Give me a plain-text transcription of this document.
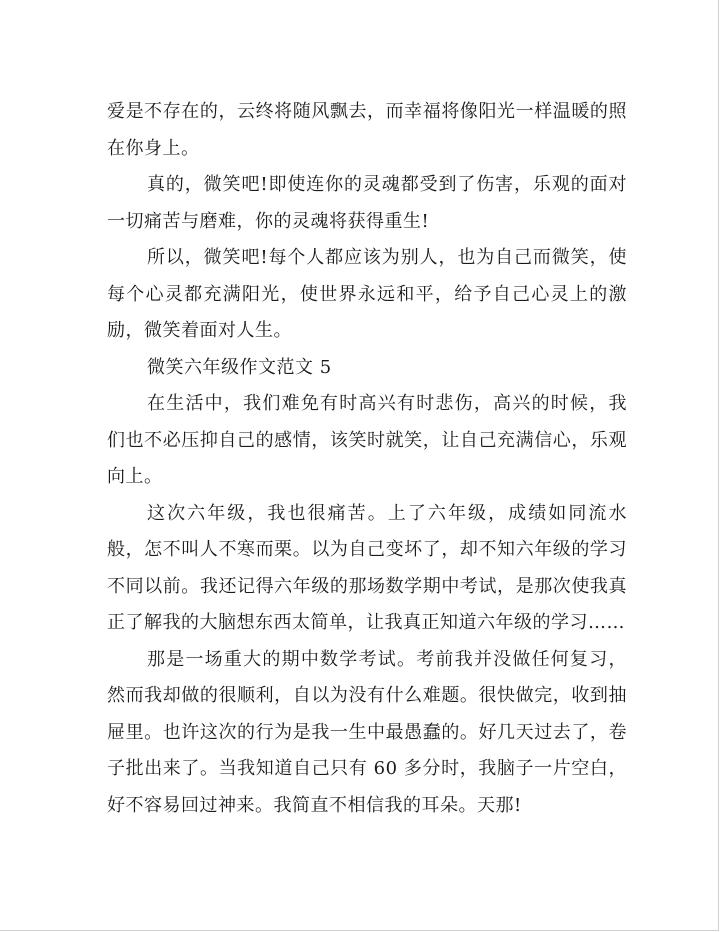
爱是不存在的，云终将随风飘去，而幸福将像阳光一样温暖的照在你身上。

真的，微笑吧!即使连你的灵魂都受到了伤害，乐观的面对一切痛苦与磨难，你的灵魂将获得重生!

所以，微笑吧!每个人都应该为别人，也为自己而微笑，使每个心灵都充满阳光，使世界永远和平，给予自己心灵上的激励，微笑着面对人生。

微笑六年级作文范文 5

在生活中，我们难免有时高兴有时悲伤，高兴的时候，我们也不必压抑自己的感情，该笑时就笑，让自己充满信心，乐观向上。

这次六年级，我也很痛苦。上了六年级，成绩如同流水般，怎不叫人不寒而栗。以为自己变坏了，却不知六年级的学习不同以前。我还记得六年级的那场数学期中考试，是那次使我真正了解我的大脑想东西太简单，让我真正知道六年级的学习……

那是一场重大的期中数学考试。考前我并没做任何复习，然而我却做的很顺利，自以为没有什么难题。很快做完，收到抽屉里。也许这次的行为是我一生中最愚蠢的。好几天过去了，卷子批出来了。当我知道自己只有 60 多分时，我脑子一片空白，好不容易回过神来。我简直不相信我的耳朵。天那!
